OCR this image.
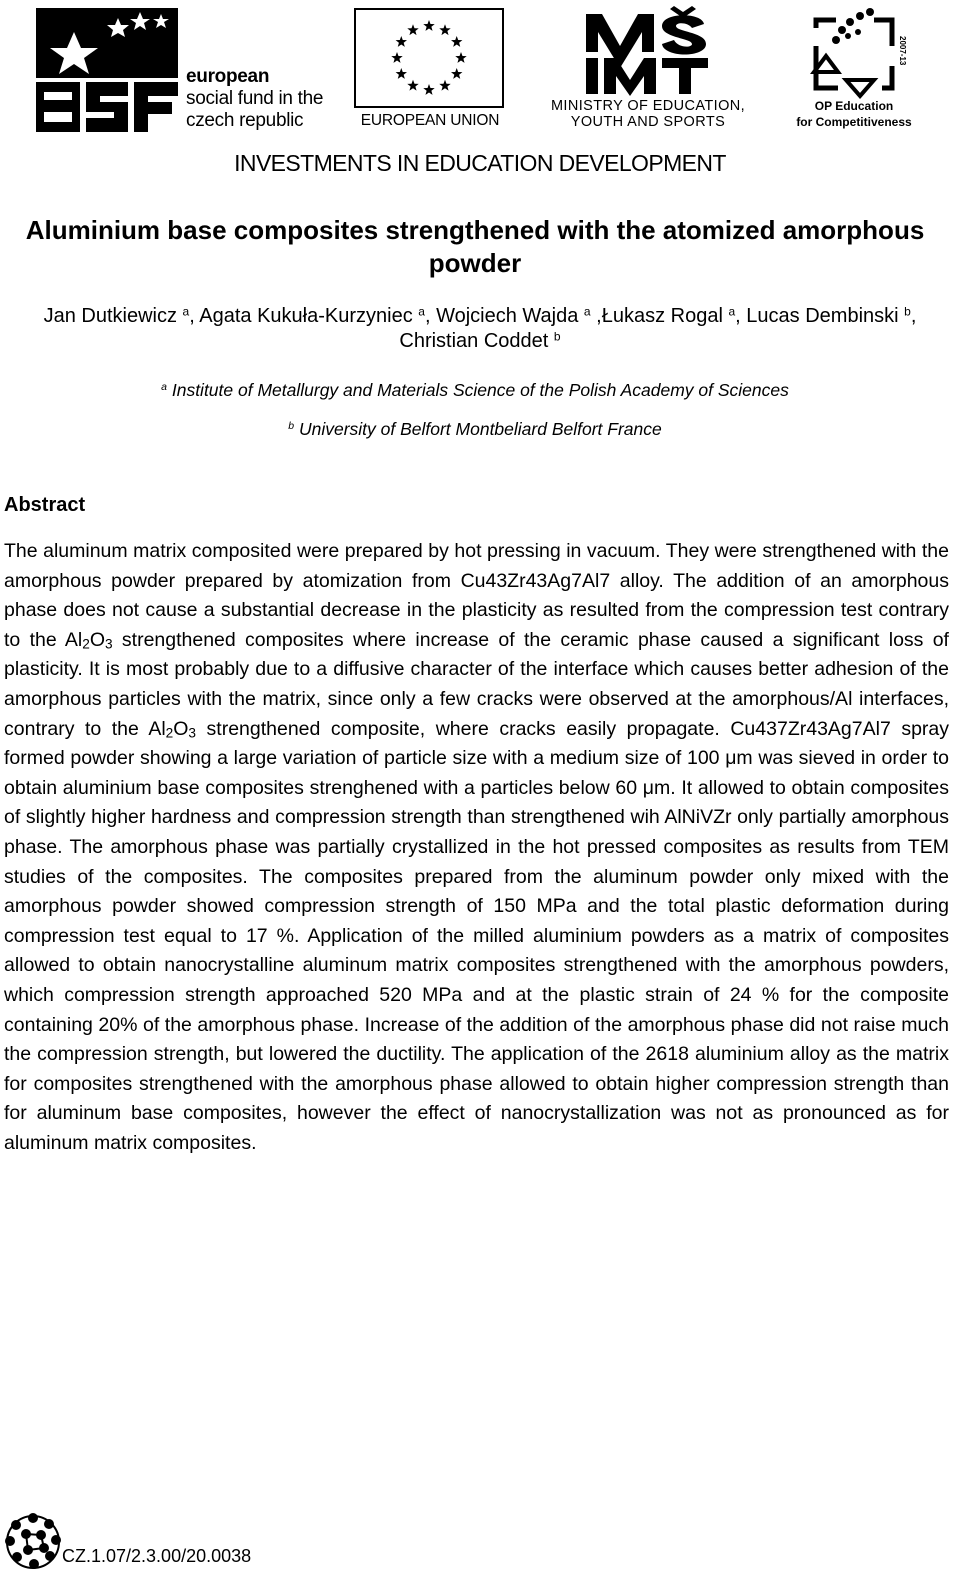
european
social fund in the
czech republic	EUROPEAN UNION
MINISTRY OF EDUCATION,
YOUTH AND SPORTS
2007-13
OP Education
for Competitiveness
INVESTMENTS IN EDUCATION DEVELOPMENT
Aluminium base composites strengthened with the atomized amorphous powder
Jan Dutkiewicz $^a$, Agata Kukuła-Kurzyniec $^a$, Wojciech Wajda $^a$ ,Łukasz Rogal $^a$, Lucas Dembinski $^b$, Christian Coddet $^b$
$^a$ Institute of Metallurgy and Materials Science of the Polish Academy of Sciences
$^b$ University of Belfort Montbeliard Belfort France
Abstract

The aluminum matrix composited were prepared by hot pressing in vacuum. They were strengthened with the amorphous powder prepared by atomization from Cu43Zr43Ag7Al7 alloy. The addition of an amorphous phase does not cause a substantial decrease in the plasticity as resulted from the compression test contrary to the $Al_2O_3$ strengthened composites where increase of the ceramic phase caused a significant loss of plasticity. It is most probably due to a diffusive character of the interface which causes better adhesion of the amorphous particles with the matrix, since only a few cracks were observed at the amorphous/Al interfaces, contrary to the $Al_2O_3$ strengthened composite, where cracks easily propagate. Cu437Zr43Ag7Al7 spray formed powder showing a large variation of particle size with a medium size of 100 μm was sieved in order to obtain aluminium base composites strenghened with a particles below 60 μm. It allowed to obtain composites of slightly higher hardness and compression strength than strengthened wih AlNiVZr only partially amorphous phase. The amorphous phase was partially crystallized in the hot pressed composites as results from TEM studies of the composites. The composites prepared from the aluminum powder only mixed with the amorphous powder showed compression strength of 150 MPa and the total plastic deformation during compression test equal to 17 %. Application of the milled aluminium powders as a matrix of composites allowed to obtain nanocrystalline aluminum matrix composites strengthened with the amorphous powders, which compression strength approached 520 MPa and at the plastic strain of 24 % for the composite containing 20% of the amorphous phase. Increase of the addition of the amorphous phase did not raise much the compression strength, but lowered the ductility. The application of the 2618 aluminium alloy as the matrix for composites strengthened with the amorphous phase allowed to obtain higher compression strength than for aluminum base composites, however the effect of nanocrystallization was not as pronounced as for aluminum matrix composites.

CZ.1.07/2.3.00/20.0038
